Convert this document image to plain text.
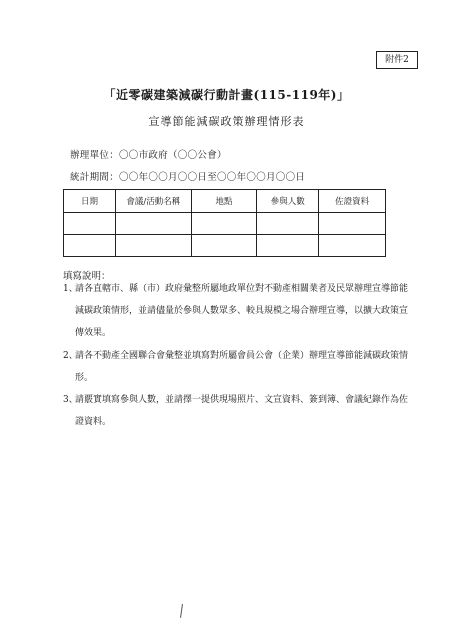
附件2
「近零碳建築減碳行動計畫(115-119年)」
宣導節能減碳政策辦理情形表
辦理單位：〇〇市政府（〇〇公會）
統計期間：〇〇年〇〇月〇〇日至〇〇年〇〇月〇〇日
日期	會議/活動名稱	地點	參與人數	佐證資料

填寫說明：
1、
請各直轄市、縣（市）政府彙整所屬地政單位對不動產相關業者及民眾辦理宣導節能減碳政策情形，並請儘量於參與人數眾多、較具規模之場合辦理宣導，以擴大政策宣傳效果。
2、
請各不動產全國聯合會彙整並填寫對所屬會員公會（企業）辦理宣導節能減碳政策情形。
3、
請覈實填寫參與人數，並請擇一提供現場照片、文宣資料、簽到簿、會議紀錄作為佐證資料。
